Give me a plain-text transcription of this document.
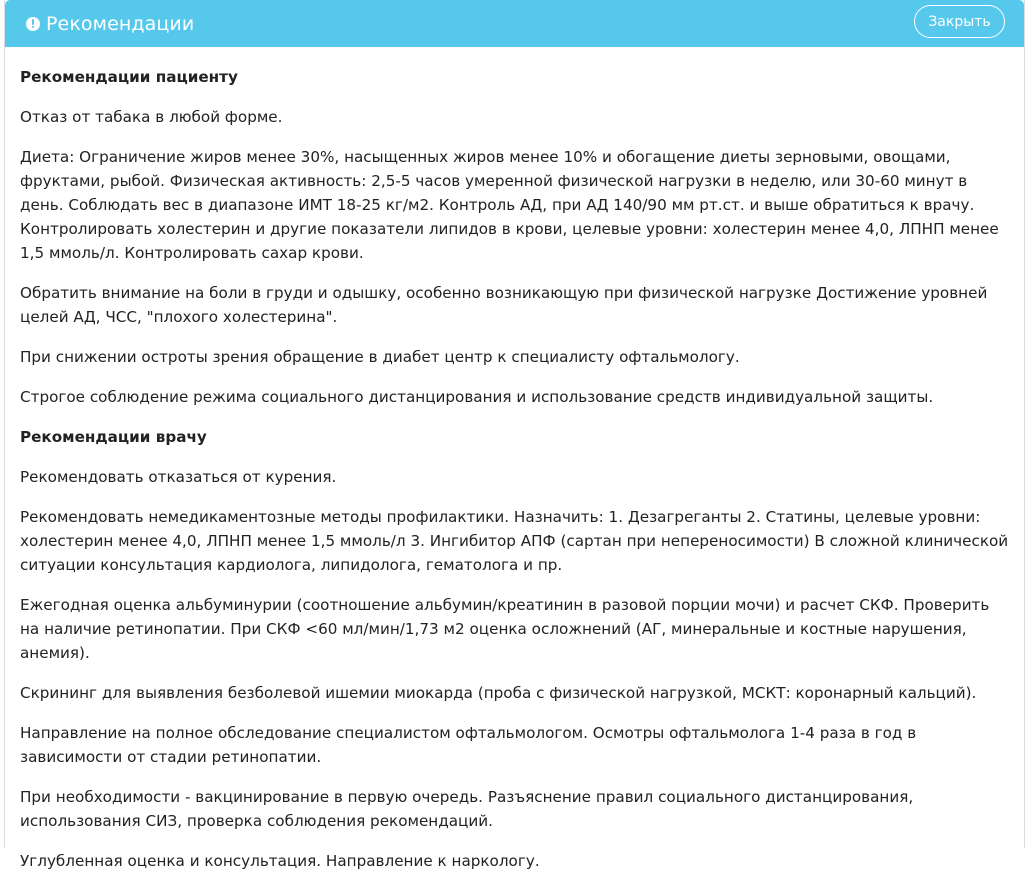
Рекомендации	Закрыть
Рекомендации пациенту

Отказ от табака в любой форме.

Диета: Ограничение жиров менее 30%, насыщенных жиров менее 10% и обогащение диеты зерновыми, овощами, фруктами, рыбой. Физическая активность: 2,5-5 часов умеренной физической нагрузки в неделю, или 30-60 минут в день. Соблюдать вес в диапазоне ИМТ 18-25 кг/м2. Контроль АД, при АД 140/90 мм рт.ст. и выше обратиться к врачу. Контролировать холестерин и другие показатели липидов в крови, целевые уровни: холестерин менее 4,0, ЛПНП менее 1,5 ммоль/л. Контролировать сахар крови.

Обратить внимание на боли в груди и одышку, особенно возникающую при физической нагрузке Достижение уровней целей АД, ЧСС, "плохого холестерина".

При снижении остроты зрения обращение в диабет центр к специалисту офтальмологу.

Строгое соблюдение режима социального дистанцирования и использование средств индивидуальной защиты.

Рекомендации врачу

Рекомендовать отказаться от курения.

Рекомендовать немедикаментозные методы профилактики. Назначить: 1. Дезагреганты 2. Статины, целевые уровни: холестерин менее 4,0, ЛПНП менее 1,5 ммоль/л 3. Ингибитор АПФ (сартан при непереносимости) В сложной клинической ситуации консультация кардиолога, липидолога, гематолога и пр.

Ежегодная оценка альбуминурии (соотношение альбумин/креатинин в разовой порции мочи) и расчет СКФ. Проверить на наличие ретинопатии. При СКФ <60 мл/мин/1,73 м2 оценка осложнений (АГ, минеральные и костные нарушения, анемия).

Скрининг для выявления безболевой ишемии миокарда (проба с физической нагрузкой, МСКТ: коронарный кальций).

Направление на полное обследование специалистом офтальмологом. Осмотры офтальмолога 1-4 раза в год в зависимости от стадии ретинопатии.

При необходимости - вакцинирование в первую очередь. Разъяснение правил социального дистанцирования, использования СИЗ, проверка соблюдения рекомендаций.

Углубленная оценка и консультация. Направление к наркологу.
